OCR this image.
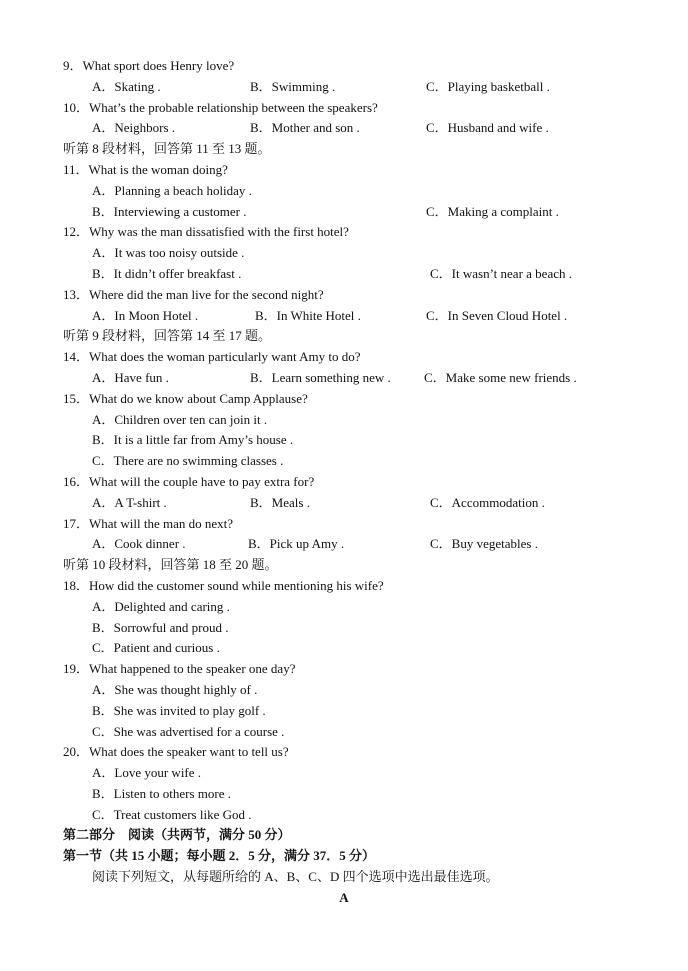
9．What sport does Henry love?
A．Skating .	B．Swimming .	C．Playing basketball .
10．What’s the probable relationship between the speakers?
A．Neighbors .	B．Mother and son .	C．Husband and wife .
听第 8 段材料，回答第 11 至 13 题。
11．What is the woman doing?
A．Planning a beach holiday .
B．Interviewing a customer .	C．Making a complaint .
12．Why was the man dissatisfied with the first hotel?
A．It was too noisy outside .
B．It didn’t offer breakfast .	C．It wasn’t near a beach .
13．Where did the man live for the second night?
A．In Moon Hotel .	B．In White Hotel .	C．In Seven Cloud Hotel .
听第 9 段材料，回答第 14 至 17 题。
14．What does the woman particularly want Amy to do?
A．Have fun .	B．Learn something new .	C．Make some new friends .
15．What do we know about Camp Applause?
A．Children over ten can join it .
B．It is a little far from Amy’s house .
C．There are no swimming classes .
16．What will the couple have to pay extra for?
A．A T-shirt .	B．Meals .	C．Accommodation .
17．What will the man do next?
A．Cook dinner .	B．Pick up Amy .	C．Buy vegetables .
听第 10 段材料，回答第 18 至 20 题。
18．How did the customer sound while mentioning his wife?
A．Delighted and caring .
B．Sorrowful and proud .
C．Patient and curious .
19．What happened to the speaker one day?
A．She was thought highly of .
B．She was invited to play golf .
C．She was advertised for a course .
20．What does the speaker want to tell us?
A．Love your wife .
B．Listen to others more .
C．Treat customers like God .
第二部分　阅读（共两节，满分 50 分）
第一节（共 15 小题；每小题 2．5 分，满分 37．5 分）
阅读下列短文，从每题所给的 A、B、C、D 四个选项中选出最佳选项。
A
